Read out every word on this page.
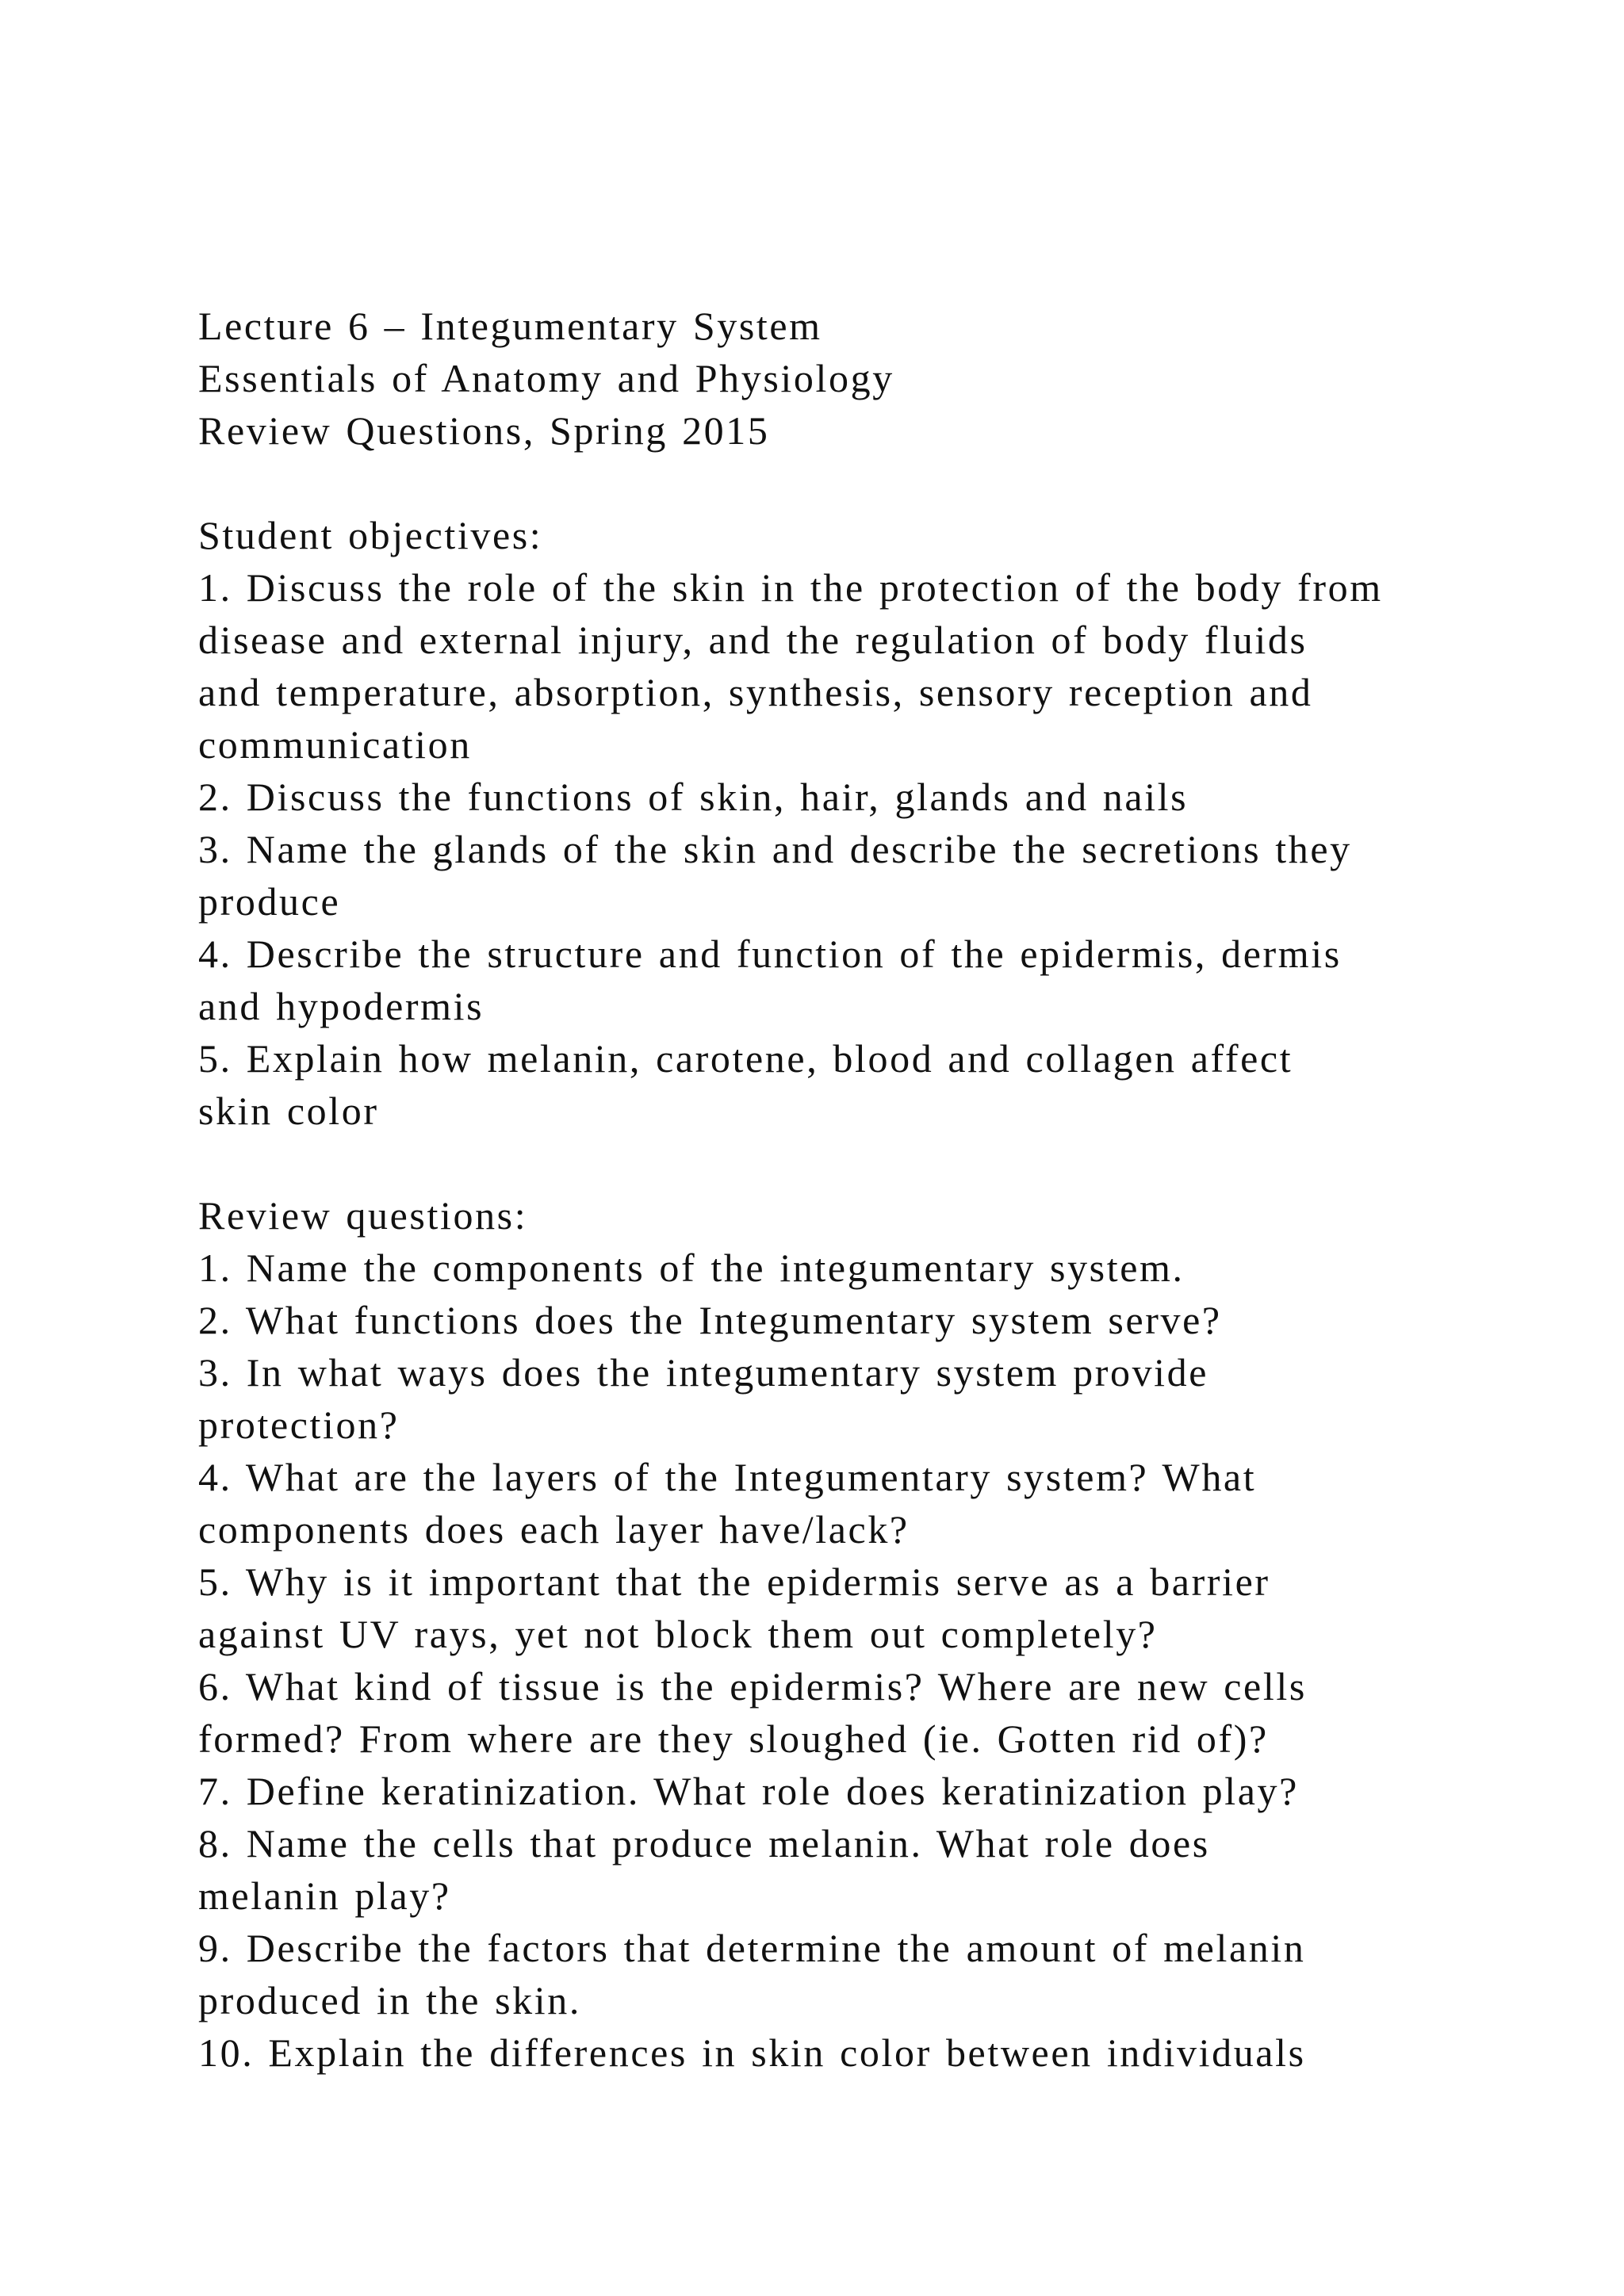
Lecture 6 – Integumentary System
Essentials of Anatomy and Physiology
Review Questions, Spring 2015
Student objectives:
1. Discuss the role of the skin in the protection of the body from
disease and external injury, and the regulation of body fluids
and temperature, absorption, synthesis, sensory reception and
communication
2. Discuss the functions of skin, hair, glands and nails
3. Name the glands of the skin and describe the secretions they
produce
4. Describe the structure and function of the epidermis, dermis
and hypodermis
5. Explain how melanin, carotene, blood and collagen affect
skin color
Review questions:
1. Name the components of the integumentary system.
2. What functions does the Integumentary system serve?
3. In what ways does the integumentary system provide
protection?
4. What are the layers of the Integumentary system? What
components does each layer have/lack?
5. Why is it important that the epidermis serve as a barrier
against UV rays, yet not block them out completely?
6. What kind of tissue is the epidermis? Where are new cells
formed? From where are they sloughed (ie. Gotten rid of)?
7. Define keratinization. What role does keratinization play?
8. Name the cells that produce melanin. What role does
melanin play?
9. Describe the factors that determine the amount of melanin
produced in the skin.
10. Explain the differences in skin color between individuals
